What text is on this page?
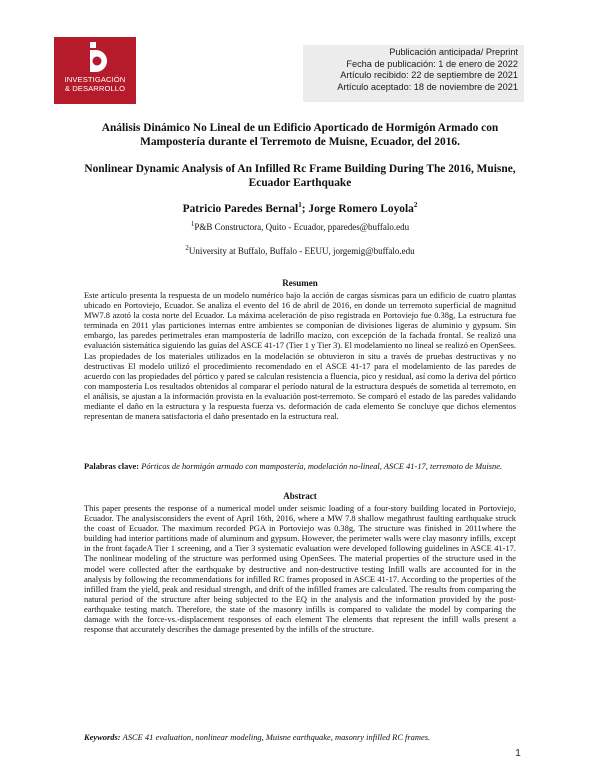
INVESTIGACIÓN
& DESARROLLO
Publicación anticipada/ Preprint
Fecha de publicación: 1 de enero de 2022
Artículo recibido: 22 de septiembre de 2021
Artículo aceptado: 18 de noviembre de 2021
Análisis Dinámico No Lineal de un Edificio Aporticado de Hormigón Armado con Mampostería durante el Terremoto de Muisne, Ecuador, del 2016.
Nonlinear Dynamic Analysis of An Infilled Rc Frame Building During The 2016, Muisne, Ecuador Earthquake
Patricio Paredes Bernal$^1$; Jorge Romero Loyola$^2$
$^1$P&B Constructora, Quito - Ecuador, pparedes@buffalo.edu
$^2$University at Buffalo, Buffalo - EEUU, jorgemig@buffalo.edu
Resumen
Este artículo presenta la respuesta de un modelo numérico bajo la acción de cargas sísmicas para un edificio de cuatro plantas ubicado en Portoviejo, Ecuador. Se analiza el evento del 16 de abril de 2016, en donde un terremoto superficial de magnitud MW7.8 azotó la costa norte del Ecuador. La máxima aceleración de piso registrada en Portoviejo fue 0.38g, La estructura fue terminada en 2011 ylas particiones internas entre ambientes se componían de divisiones ligeras de aluminio y gypsum. Sin embargo, las paredes perimetrales eran mampostería de ladrillo macizo, con excepción de la fachada frontal. Se realizó una evaluación sistemática siguiendo las guías del ASCE 41-17 (Tier 1 y Tier 3). El modelamiento no lineal se realizó en OpenSees. Las propiedades de los materiales utilizados en la modelación se obtuvieron in situ a través de pruebas destructivas y no destructivas El modelo utilizó el procedimiento recomendado en el ASCE 41-17 para el modelamiento de las paredes de acuerdo con las propiedades del pórtico y pared se calculan resistencia a fluencia, pico y residual, así como la deriva del pórtico con mampostería Los resultados obtenidos al comparar el período natural de la estructura después de sometida al terremoto, en el análisis, se ajustan a la información provista en la evaluación post-terremoto. Se comparó el estado de las paredes validando mediante el daño en la estructura y la respuesta fuerza vs. deformación de cada elemento Se concluye que dichos elementos representan de manera satisfactoria el daño presentado en la estructura real.
Palabras clave: Pórticos de hormigón armado con mampostería, modelación no-lineal, ASCE 41-17, terremoto de Muisne.
Abstract
This paper presents the response of a numerical model under seismic loading of a four-story building located in Portoviejo, Ecuador. The analysisconsiders the event of April 16th, 2016, where a MW 7.8 shallow megathrust faulting earthquake struck the coast of Ecuador. The maximum recorded PGA in Portoviejo was 0.38g, The structure was finished in 2011where the building had interior partitions made of aluminum and gypsum. However, the perimeter walls were clay masonry infills, except in the front façadeA Tier 1 screening, and a Tier 3 systematic evaluation were developed following guidelines in ASCE 41-17. The nonlinear modeling of the structure was performed using OpenSees. The material properties of the structure used in the model were collected after the earthquake by destructive and non-destructive testing Infill walls are accounted for in the analysis by following the recommendations for infilled RC frames proposed in ASCE 41-17. According to the properties of the infilled fram the yield, peak and residual strength, and drift of the infilled frames are calculated. The results from comparing the natural period of the structure after being subjected to the EQ in the analysis and the information provided by the post-earthquake testing match. Therefore, the state of the masonry infills is compared to validate the model by comparing the damage with the force-vs.-displacement responses of each element The elements that represent the infill walls present a response that accurately describes the damage presented by the infills of the structure.
Keywords: ASCE 41 evaluation, nonlinear modeling, Muisne earthquake, masonry infilled RC frames.
1
